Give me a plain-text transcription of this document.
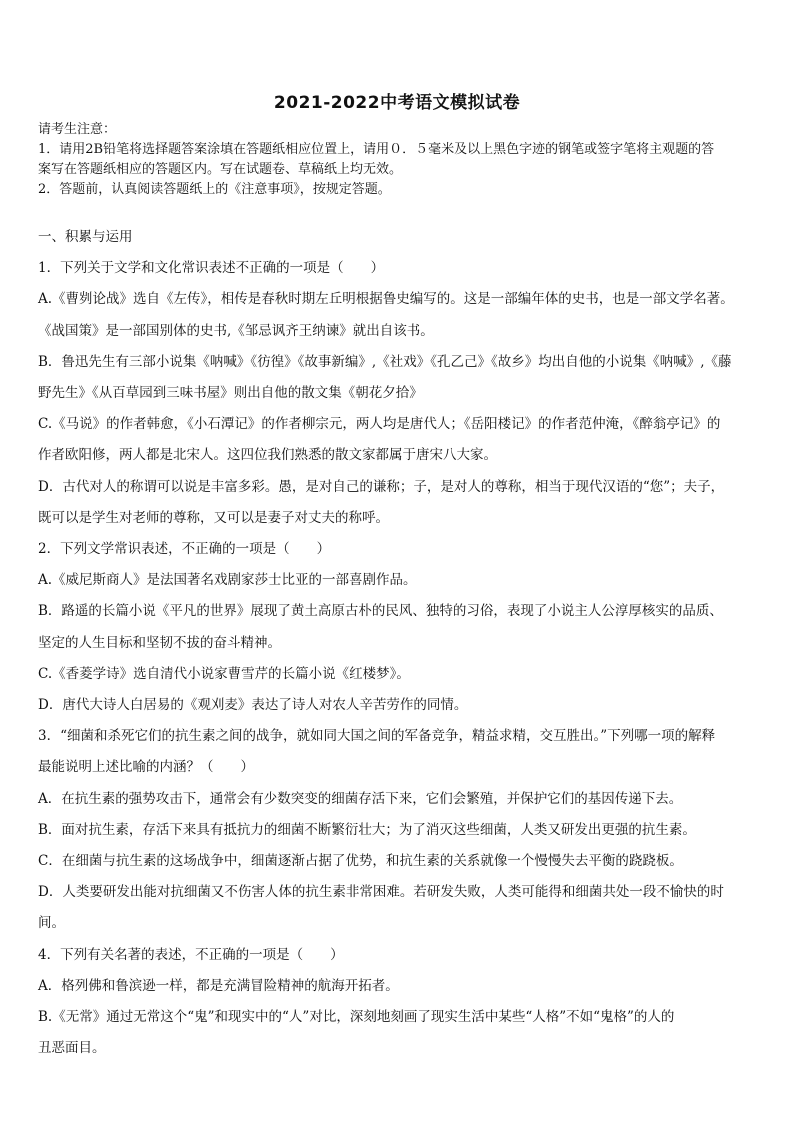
2021-2022中考语文模拟试卷

请考生注意：

1．请用2B铅笔将选择题答案涂填在答题纸相应位置上，请用０．５毫米及以上黑色字迹的钢笔或签字笔将主观题的答

案写在答题纸相应的答题区内。写在试题卷、草稿纸上均无效。

2．答题前，认真阅读答题纸上的《注意事项》，按规定答题。

一、积累与运用

1．下列关于文学和文化常识表述不正确的一项是（　　）

A.《曹刿论战》选自《左传》，相传是春秋时期左丘明根据鲁史编写的。这是一部编年体的史书，也是一部文学名著。

《战国策》是一部国别体的史书,《邹忌讽齐王纳谏》就出自该书。

B．鲁迅先生有三部小说集《呐喊》《彷徨》《故事新编》,《社戏》《孔乙己》《故乡》均出自他的小说集《呐喊》,《藤

野先生》《从百草园到三味书屋》则出自他的散文集《朝花夕拾》

C.《马说》的作者韩愈，《小石潭记》的作者柳宗元，两人均是唐代人；《岳阳楼记》的作者范仲淹，《醉翁亭记》的

作者欧阳修，两人都是北宋人。这四位我们熟悉的散文家都属于唐宋八大家。

D．古代对人的称谓可以说是丰富多彩。愚，是对自己的谦称；子，是对人的尊称，相当于现代汉语的“您”；夫子，

既可以是学生对老师的尊称，又可以是妻子对丈夫的称呼。

2．下列文学常识表述，不正确的一项是（　　）

A.《威尼斯商人》是法国著名戏剧家莎士比亚的一部喜剧作品。

B．路遥的长篇小说《平凡的世界》展现了黄土高原古朴的民风、独特的习俗，表现了小说主人公淳厚核实的品质、

坚定的人生目标和坚韧不拔的奋斗精神。

C.《香菱学诗》选自清代小说家曹雪芹的长篇小说《红楼梦》。

D．唐代大诗人白居易的《观刈麦》表达了诗人对农人辛苦劳作的同情。

3．“细菌和杀死它们的抗生素之间的战争，就如同大国之间的军备竞争，精益求精，交互胜出。”下列哪一项的解释

最能说明上述比喻的内涵？（　　）

A．在抗生素的强势攻击下，通常会有少数突变的细菌存活下来，它们会繁殖，并保护它们的基因传递下去。

B．面对抗生素，存活下来具有抵抗力的细菌不断繁衍壮大；为了消灭这些细菌，人类又研发出更强的抗生素。

C．在细菌与抗生素的这场战争中，细菌逐渐占据了优势，和抗生素的关系就像一个慢慢失去平衡的跷跷板。

D．人类要研发出能对抗细菌又不伤害人体的抗生素非常困难。若研发失败，人类可能得和细菌共处一段不愉快的时

间。

4．下列有关名著的表述，不正确的一项是（　　）

A．格列佛和鲁滨逊一样，都是充满冒险精神的航海开拓者。

B.《无常》通过无常这个“鬼”和现实中的“人”对比，深刻地刻画了现实生活中某些“人格”不如“鬼格”的人的

丑恶面目。
